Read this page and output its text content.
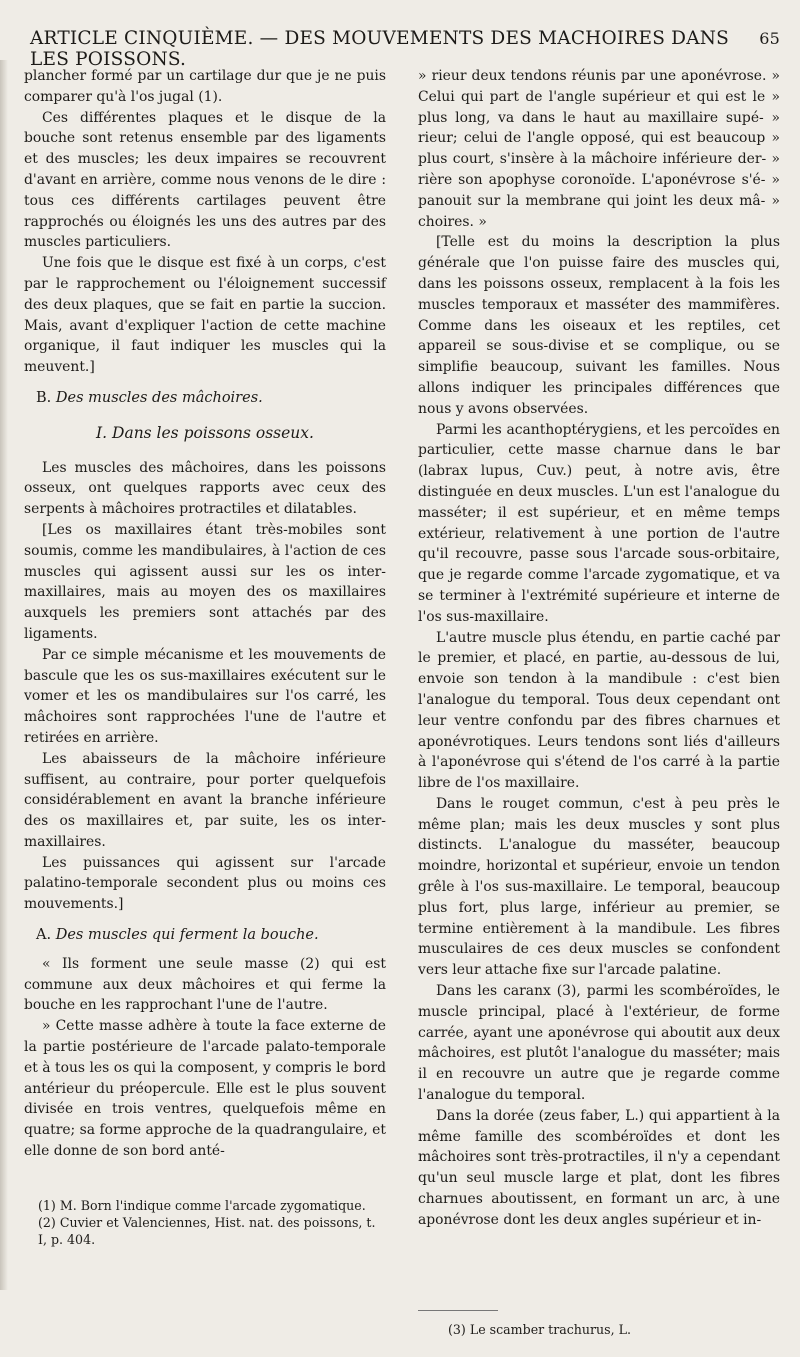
ARTICLE CINQUIÈME. — DES MOUVEMENTS DES MACHOIRES DANS LES POISSONS.
65

plancher formé par un cartilage dur que je ne puis comparer qu'à l'os jugal (1).

Ces différentes plaques et le disque de la bouche sont retenus ensemble par des ligaments et des muscles; les deux impaires se recouvrent d'avant en arrière, comme nous venons de le dire : tous ces différents cartilages peuvent être rapprochés ou éloignés les uns des autres par des muscles particuliers.

Une fois que le disque est fixé à un corps, c'est par le rapprochement ou l'éloignement successif des deux plaques, que se fait en partie la succion. Mais, avant d'expliquer l'action de cette machine organique, il faut indiquer les muscles qui la meuvent.]

B. Des muscles des mâchoires.
I. Dans les poissons osseux.

Les muscles des mâchoires, dans les poissons osseux, ont quelques rapports avec ceux des serpents à mâchoires protractiles et dilatables.

[Les os maxillaires étant très-mobiles sont soumis, comme les mandibulaires, à l'action de ces muscles qui agissent aussi sur les os inter-maxillaires, mais au moyen des os maxillaires auxquels les premiers sont attachés par des ligaments.

Par ce simple mécanisme et les mouvements de bascule que les os sus-maxillaires exécutent sur le vomer et les os mandibulaires sur l'os carré, les mâchoires sont rapprochées l'une de l'autre et retirées en arrière.

Les abaisseurs de la mâchoire inférieure suffisent, au contraire, pour porter quelquefois considérablement en avant la branche inférieure des os maxillaires et, par suite, les os inter-maxillaires.

Les puissances qui agissent sur l'arcade palatino-temporale secondent plus ou moins ces mouvements.]

A. Des muscles qui ferment la bouche.

« Ils forment une seule masse (2) qui est commune aux deux mâchoires et qui ferme la bouche en les rapprochant l'une de l'autre.

» Cette masse adhère à toute la face externe de la partie postérieure de l'arcade palato-temporale et à tous les os qui la composent, y compris le bord antérieur du préopercule. Elle est le plus souvent divisée en trois ventres, quelquefois même en quatre; sa forme approche de la quadrangulaire, et elle donne de son bord anté-

(1) M. Born l'indique comme l'arcade zygomatique.

(2) Cuvier et Valenciennes, Hist. nat. des poissons, t. I, p. 404.

» rieur deux tendons réunis par une aponévrose. » Celui qui part de l'angle supérieur et qui est le » plus long, va dans le haut au maxillaire supé- » rieur; celui de l'angle opposé, qui est beaucoup » plus court, s'insère à la mâchoire inférieure der- » rière son apophyse coronoïde. L'aponévrose s'é- » panouit sur la membrane qui joint les deux mâ- » choires. »

[Telle est du moins la description la plus générale que l'on puisse faire des muscles qui, dans les poissons osseux, remplacent à la fois les muscles temporaux et masséter des mammifères. Comme dans les oiseaux et les reptiles, cet appareil se sous-divise et se complique, ou se simplifie beaucoup, suivant les familles. Nous allons indiquer les principales différences que nous y avons observées.

Parmi les acanthoptérygiens, et les percoïdes en particulier, cette masse charnue dans le bar (labrax lupus, Cuv.) peut, à notre avis, être distinguée en deux muscles. L'un est l'analogue du masséter; il est supérieur, et en même temps extérieur, relativement à une portion de l'autre qu'il recouvre, passe sous l'arcade sous-orbitaire, que je regarde comme l'arcade zygomatique, et va se terminer à l'extrémité supérieure et interne de l'os sus-maxillaire.

L'autre muscle plus étendu, en partie caché par le premier, et placé, en partie, au-dessous de lui, envoie son tendon à la mandibule : c'est bien l'analogue du temporal. Tous deux cependant ont leur ventre confondu par des fibres charnues et aponévrotiques. Leurs tendons sont liés d'ailleurs à l'aponévrose qui s'étend de l'os carré à la partie libre de l'os maxillaire.

Dans le rouget commun, c'est à peu près le même plan; mais les deux muscles y sont plus distincts. L'analogue du masséter, beaucoup moindre, horizontal et supérieur, envoie un tendon grêle à l'os sus-maxillaire. Le temporal, beaucoup plus fort, plus large, inférieur au premier, se termine entièrement à la mandibule. Les fibres musculaires de ces deux muscles se confondent vers leur attache fixe sur l'arcade palatine.

Dans les caranx (3), parmi les scombéroïdes, le muscle principal, placé à l'extérieur, de forme carrée, ayant une aponévrose qui aboutit aux deux mâchoires, est plutôt l'analogue du masséter; mais il en recouvre un autre que je regarde comme l'analogue du temporal.

Dans la dorée (zeus faber, L.) qui appartient à la même famille des scombéroïdes et dont les mâchoires sont très-protractiles, il n'y a cependant qu'un seul muscle large et plat, dont les fibres charnues aboutissent, en formant un arc, à une aponévrose dont les deux angles supérieur et in-

(3) Le scamber trachurus, L.
